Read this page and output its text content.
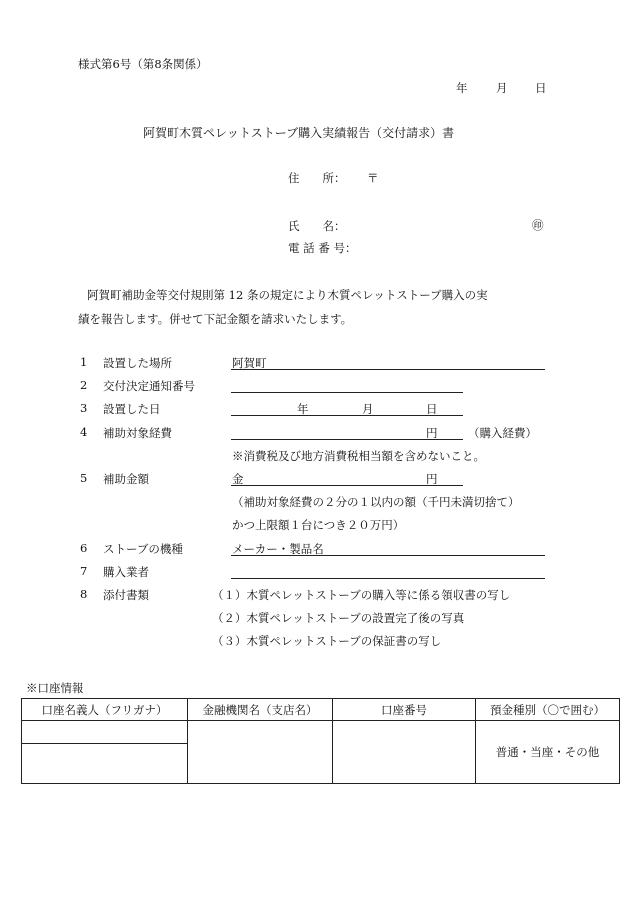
様式第6号（第8条関係）
年 月 日
阿賀町木質ペレットストーブ購入実績報告（交付請求）書
住　　所： 〒
氏　　名：	㊞
電 話 番 号：
阿賀町補助金等交付規則第 12 条の規定により木質ペレットストーブ購入の実
績を報告します。併せて下記金額を請求いたします。
1 設置した場所	阿賀町
2 交付決定通知番号
3 設置した日	年	月	日
4 補助対象経費	円	（購入経費）
※消費税及び地方消費税相当額を含めないこと。
5 補助金額	金	円
（補助対象経費の２分の１以内の額（千円未満切捨て）
かつ上限額１台につき２０万円）
6 ストーブの機種	メーカー・製品名
7 購入業者
8 添付書類	（１）木質ペレットストーブの購入等に係る領収書の写し
（２）木質ペレットストーブの設置完了後の写真
（３）木質ペレットストーブの保証書の写し
※口座情報
口座名義人（フリガナ）	金融機関名（支店名）	口座番号	預金種別（〇で囲む）
			普通・当座・その他
